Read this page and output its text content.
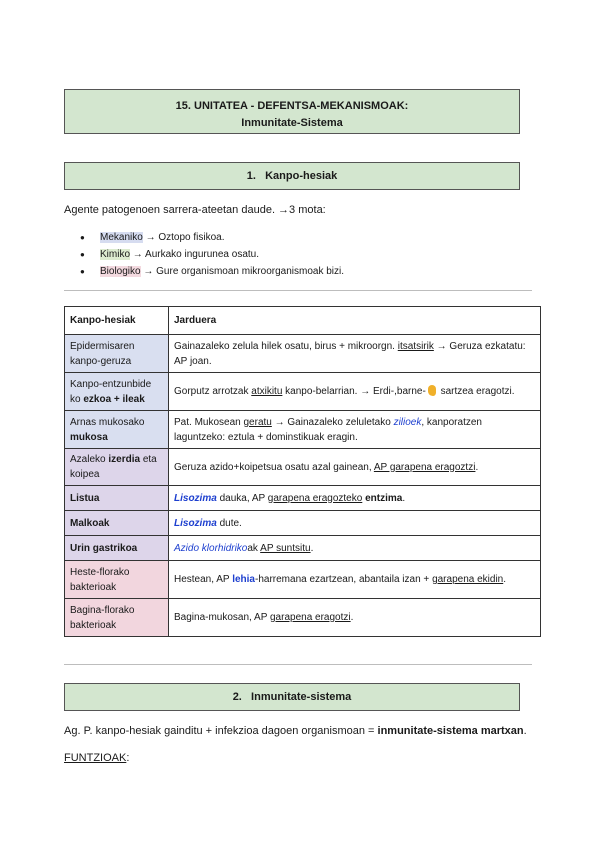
15. UNITATEA - DEFENTSA-MEKANISMOAK:
Inmunitate-Sistema
1. Kanpo-hesiak
Agente patogenoen sarrera-ateetan daude. →3 mota:
● Mekaniko → Oztopo fisikoa.
● Kimiko → Aurkako ingurunea osatu.
● Biologiko → Gure organismoan mikroorganismoak bizi.
Kanpo-hesiak	Jarduera
Epidermisaren kanpo-geruza	Gainazaleko zelula hilek osatu, birus + mikroorgn. itsatsirik → Geruza ezkatatu: AP joan.
Kanpo-entzunbide ko ezkoa + ileak	Gorputz arrotzak atxikitu kanpo-belarrian. → Erdi-,barne- sartzea eragotzi.
Arnas mukosako mukosa	Pat. Mukosean geratu → Gainazaleko zeluletako zilioek, kanporatzen laguntzeko: eztula + dominstikuak eragin.
Azaleko izerdia eta koipea	Geruza azido+koipetsua osatu azal gainean, AP garapena eragoztzi.
Listua	Lisozima dauka, AP garapena eragozteko entzima.
Malkoak	Lisozima dute.
Urin gastrikoa	Azido klorhidrikoak AP suntsitu.
Heste-florako bakterioak	Hestean, AP lehia-harremana ezartzean, abantaila izan + garapena ekidin.
Bagina-florako bakterioak	Bagina-mukosan, AP garapena eragotzi.
2. Inmunitate-sistema
Ag. P. kanpo-hesiak gainditu + infekzioa dagoen organismoan = inmunitate-sistema martxan.
FUNTZIOAK:
